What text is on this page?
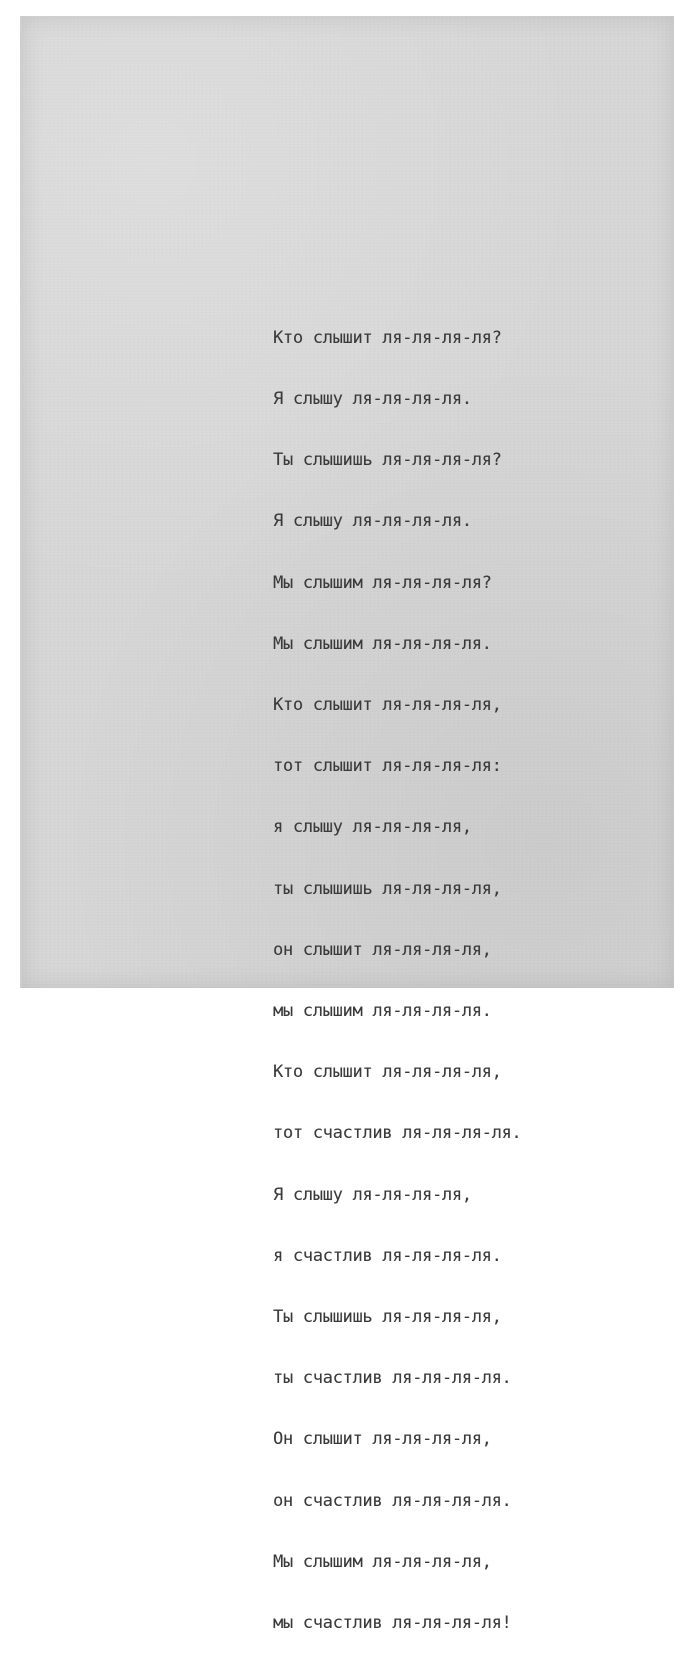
Кто слышит ля-ля-ля-ля?

Я слышу ля-ля-ля-ля.

Ты слышишь ля-ля-ля-ля?

Я слышу ля-ля-ля-ля.

Мы слышим ля-ля-ля-ля?

Мы слышим ля-ля-ля-ля.

Кто слышит ля-ля-ля-ля,

тот слышит ля-ля-ля-ля:

я слышу ля-ля-ля-ля,

ты слышишь ля-ля-ля-ля,

он слышит ля-ля-ля-ля,

мы слышим ля-ля-ля-ля.

Кто слышит ля-ля-ля-ля,

тот счастлив ля-ля-ля-ля.

Я слышу ля-ля-ля-ля,

я счастлив ля-ля-ля-ля.

Ты слышишь ля-ля-ля-ля,

ты счастлив ля-ля-ля-ля.

Он слышит ля-ля-ля-ля,

он счастлив ля-ля-ля-ля.

Мы слышим ля-ля-ля-ля,

мы счастлив ля-ля-ля-ля!
